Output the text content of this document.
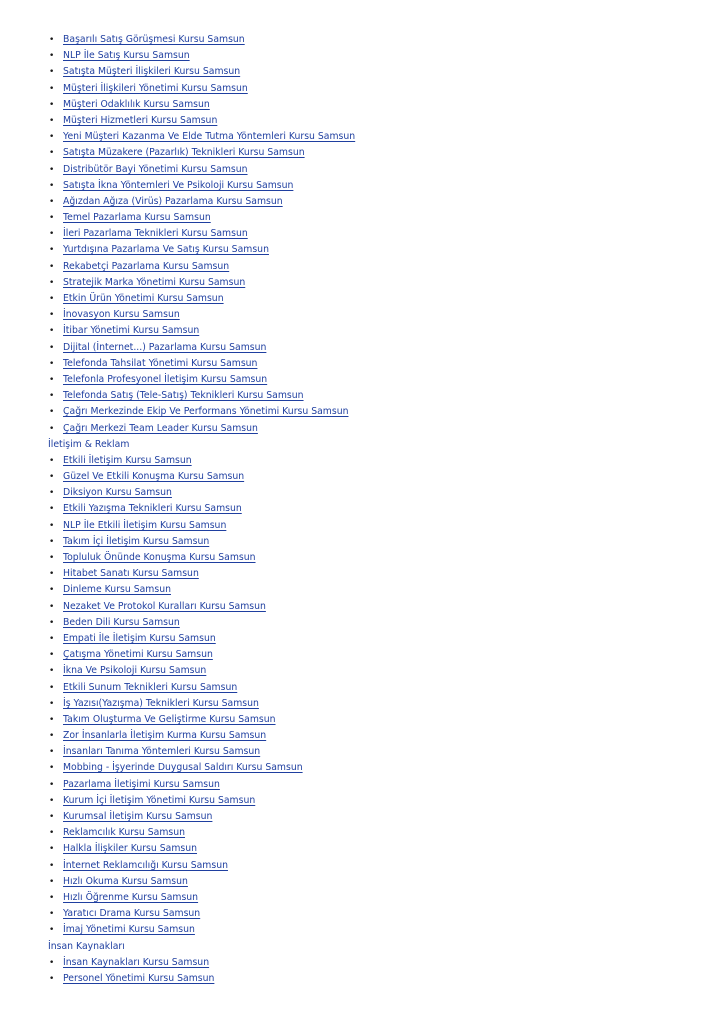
• Başarılı Satış Görüşmesi Kursu Samsun
• NLP İle Satış Kursu Samsun
• Satışta Müşteri İlişkileri Kursu Samsun
• Müşteri İlişkileri Yönetimi Kursu Samsun
• Müşteri Odaklılık Kursu Samsun
• Müşteri Hizmetleri Kursu Samsun
• Yeni Müşteri Kazanma Ve Elde Tutma Yöntemleri Kursu Samsun
• Satışta Müzakere (Pazarlık) Teknikleri Kursu Samsun
• Distribütör Bayi Yönetimi Kursu Samsun
• Satışta İkna Yöntemleri Ve Psikoloji Kursu Samsun
• Ağızdan Ağıza (Virüs) Pazarlama Kursu Samsun
• Temel Pazarlama Kursu Samsun
• İleri Pazarlama Teknikleri Kursu Samsun
• Yurtdışına Pazarlama Ve Satış Kursu Samsun
• Rekabetçi Pazarlama Kursu Samsun
• Stratejik Marka Yönetimi Kursu Samsun
• Etkin Ürün Yönetimi Kursu Samsun
• İnovasyon Kursu Samsun
• İtibar Yönetimi Kursu Samsun
• Dijital (İnternet...) Pazarlama Kursu Samsun
• Telefonda Tahsilat Yönetimi Kursu Samsun
• Telefonla Profesyonel İletişim Kursu Samsun
• Telefonda Satış (Tele-Satış) Teknikleri Kursu Samsun
• Çağrı Merkezinde Ekip Ve Performans Yönetimi Kursu Samsun
• Çağrı Merkezi Team Leader Kursu Samsun
İletişim & Reklam
• Etkili İletişim Kursu Samsun
• Güzel Ve Etkili Konuşma Kursu Samsun
• Diksiyon Kursu Samsun
• Etkili Yazışma Teknikleri Kursu Samsun
• NLP İle Etkili İletişim Kursu Samsun
• Takım İçi İletişim Kursu Samsun
• Topluluk Önünde Konuşma Kursu Samsun
• Hitabet Sanatı Kursu Samsun
• Dinleme Kursu Samsun
• Nezaket Ve Protokol Kuralları Kursu Samsun
• Beden Dili Kursu Samsun
• Empati İle İletişim Kursu Samsun
• Çatışma Yönetimi Kursu Samsun
• İkna Ve Psikoloji Kursu Samsun
• Etkili Sunum Teknikleri Kursu Samsun
• İş Yazısı(Yazışma) Teknikleri Kursu Samsun
• Takım Oluşturma Ve Geliştirme Kursu Samsun
• Zor İnsanlarla İletişim Kurma Kursu Samsun
• İnsanları Tanıma Yöntemleri Kursu Samsun
• Mobbing - İşyerinde Duygusal Saldırı Kursu Samsun
• Pazarlama İletişimi Kursu Samsun
• Kurum İçi İletişim Yönetimi Kursu Samsun
• Kurumsal İletişim Kursu Samsun
• Reklamcılık Kursu Samsun
• Halkla İlişkiler Kursu Samsun
• İnternet Reklamcılığı Kursu Samsun
• Hızlı Okuma Kursu Samsun
• Hızlı Öğrenme Kursu Samsun
• Yaratıcı Drama Kursu Samsun
• İmaj Yönetimi Kursu Samsun
İnsan Kaynakları
• İnsan Kaynakları Kursu Samsun
• Personel Yönetimi Kursu Samsun
